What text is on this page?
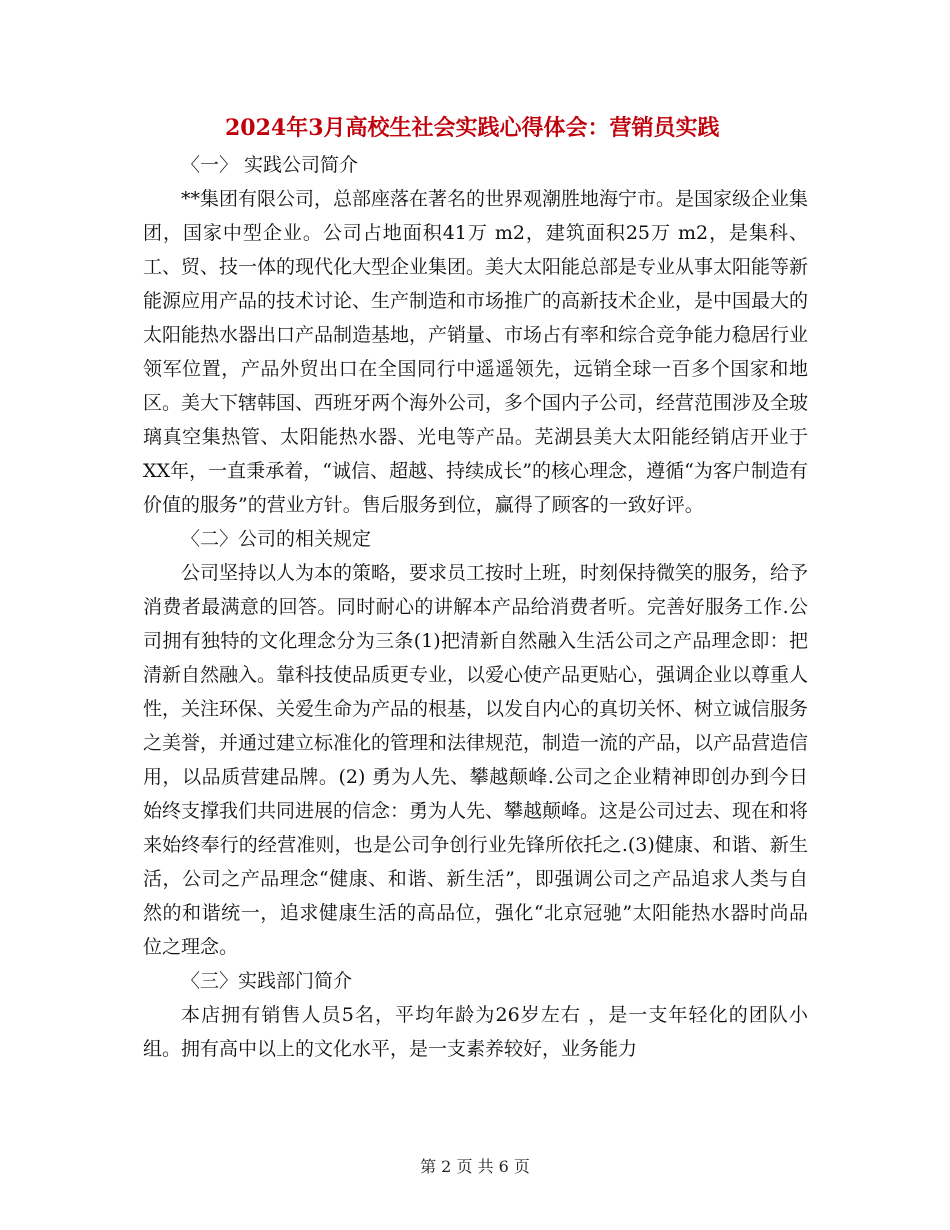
2024年3月高校生社会实践心得体会：营销员实践

〈一〉 实践公司简介

**集团有限公司，总部座落在著名的世界观潮胜地海宁市。是国家级企业集团，国家中型企业。公司占地面积41万 m2，建筑面积25万 m2，是集科、工、贸、技一体的现代化大型企业集团。美大太阳能总部是专业从事太阳能等新能源应用产品的技术讨论、生产制造和市场推广的高新技术企业，是中国最大的太阳能热水器出口产品制造基地，产销量、市场占有率和综合竞争能力稳居行业领军位置，产品外贸出口在全国同行中遥遥领先，远销全球一百多个国家和地区。美大下辖韩国、西班牙两个海外公司，多个国内子公司，经营范围涉及全玻璃真空集热管、太阳能热水器、光电等产品。芜湖县美大太阳能经销店开业于XX年，一直秉承着，“诚信、超越、持续成长”的核心理念，遵循“为客户制造有价值的服务”的营业方针。售后服务到位，赢得了顾客的一致好评。

〈二〉公司的相关规定

公司坚持以人为本的策略，要求员工按时上班，时刻保持微笑的服务，给予消费者最满意的回答。同时耐心的讲解本产品给消费者听。完善好服务工作.公司拥有独特的文化理念分为三条(1)把清新自然融入生活公司之产品理念即：把清新自然融入。靠科技使品质更专业，以爱心使产品更贴心，强调企业以尊重人性，关注环保、关爱生命为产品的根基，以发自内心的真切关怀、树立诚信服务之美誉，并通过建立标准化的管理和法律规范，制造一流的产品，以产品营造信用，以品质营建品牌。(2) 勇为人先、攀越颠峰.公司之企业精神即创办到今日始终支撑我们共同进展的信念：勇为人先、攀越颠峰。这是公司过去、现在和将来始终奉行的经营准则，也是公司争创行业先锋所依托之.(3)健康、和谐、新生活，公司之产品理念“健康、和谐、新生活”，即强调公司之产品追求人类与自然的和谐统一，追求健康生活的高品位，强化“北京冠驰”太阳能热水器时尚品位之理念。

〈三〉实践部门简介

本店拥有销售人员5名，平均年龄为26岁左右 ，是一支年轻化的团队小组。拥有高中以上的文化水平，是一支素养较好，业务能力

第 2 页 共 6 页
